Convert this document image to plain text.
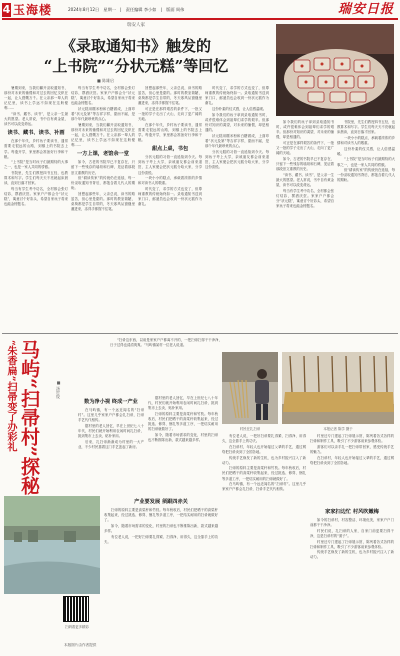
4 玉海楼	2024年8月12日　星期一　|　责任编辑 李小如　|　版面 周伟	瑞安日报
瑞安人家
《录取通知书》触发的
“上书院”“分状元糕”等回忆
■ 陈雄启

暑期到来，当我们翻开录取通知书，那份对未来的憧憬和对过去的回忆交织在一起，让人感慨万千。在父亲那一辈人的记忆里，读书上学远不如现在这般便利……

“读书、藏书、读书”，是父亲一生最大的愿望。老人常说，书中自有黄金屋，读书可以改变命运。

读书、藏书、读书、补画

在那个年代，乡村孩子要读书，通常需要走很远的山路，到镇上的书院去上学。每逢开学，家里都会准备好行李和干粮。

“上书院”是当时孩子们最期待的大事之一，也是一家人共同的骄傲。

书院里，先生们教授四书五经，也教算术和写字。学生们每天天不亮就起床晨读，直到日落才回家。

每当有学生考中功名，全村都会张灯结彩，摆酒庆贺。家家户户都会分“状元糕”，寓意讨个好彩头，希望自家孩子将来也能金榜题名。

每当有学生考中功名，全村都会张灯结彩，摆酒庆贺。家家户户都会分“状元糕”，寓意讨个好彩头，希望自家孩子将来也能金榜题名。

状元糕用糯米粉和白糖做成，上面印着“状元及第”等吉祥字样，甜而不腻，是那个年代最珍贵的点心。

暑期到来，当我们翻开录取通知书，那份对未来的憧憬和对过去的回忆交织在一起，让人感慨万千。在父亲那一辈人的记忆里，读书上学远不如现在这般便利……

一方上课，老馆余一堂

如今，古老的书院早已不复存在，只留下一些残存的墙垣和石碑，见证着那段崇文重教的历史。

但“耕读传家”的传统仍在延续，每一份录取通知书背后，都饱含着几代人的期盼。

回想起那些年，父亲总说，读书的路虽苦，但心里是甜的。那时的教室简陋，桌椅都是学生自带的，冬天寒风从窗缝里灌进来，冻得手都握不住笔。

回想起那些年，父亲总说，读书的路虽苦，但心里是甜的。那时的教室简陋，桌椅都是学生自带的，冬天寒风从窗缝里灌进来，冻得手都握不住笔。

可正是在那样艰苦的条件下，一批又一批的学子走出了大山，走向了更广阔的天地。

在那个年代，乡村孩子要读书，通常需要走很远的山路，到镇上的书院去上学。每逢开学，家里都会准备好行李和干粮。

甜点上桌，书包

分状元糕的习俗一直延续到今天。每到孩子考上大学，亲戚朋友都会前来道贺，主人家便会把状元糕分给大家，分享这份喜悦。

一块小小的糕点，承载着浓浓的乡情和对读书人的敬重。

时代变了，求学的方式也变了，但尊师重教的传统始终如一。录取通知书送到家门口，邮递员也会收到一份状元糕作为谢礼。

时代变了，求学的方式也变了，但尊师重教的传统始终如一。录取通知书送到家门口，邮递员也会收到一份状元糕作为谢礼。

这份朴素的仪式感，让人倍感温暖。

如今我们的孩子拿到录取通知书时，或许很难体会到祖辈们求学的艰辛。但那份对知识的渴望，对未来的憧憬，却是相通的。

状元糕用糯米粉和白糖做成，上面印着“状元及第”等吉祥字样，甜而不腻，是那个年代最珍贵的点心。

分状元糕的习俗一直延续到今天。每到孩子考上大学，亲戚朋友都会前来道贺，主人家便会把状元糕分给大家，分享这份喜悦。

如今我们的孩子拿到录取通知书时，或许很难体会到祖辈们求学的艰辛。但那份对知识的渴望，对未来的憧憬，却是相通的。

可正是在那样艰苦的条件下，一批又一批的学子走出了大山，走向了更广阔的天地。

如今，古老的书院早已不复存在，只留下一些残存的墙垣和石碑，见证着那段崇文重教的历史。

“读书、藏书、读书”，是父亲一生最大的愿望。老人常说，书中自有黄金屋，读书可以改变命运。

每当有学生考中功名，全村都会张灯结彩，摆酒庆贺。家家户户都会分“状元糕”，寓意讨个好彩头，希望自家孩子将来也能金榜题名。

书院里，先生们教授四书五经，也教算术和写字。学生们每天天不亮就起床晨读，直到日落才回家。

一块小小的糕点，承载着浓浓的乡情和对读书人的敬重。

这份朴素的仪式感，让人倍感温暖。

“上书院”是当时孩子们最期待的大事之一，也是一家人共同的骄傲。

但“耕读传家”的传统仍在延续，每一份录取通知书背后，都饱含着几代人的期盼。

马屿“扫帚村”探秘
“朱香扁”扫帚变了办彩礼	■ 汤世俊

“扫帚这东西，以前是家家户户都离不开的，一把扫帚扫得干干净净，日子过得也清清爽爽。”马屿镇某村一位老人说道。

数为净小视 终成一产业

在马屿镇，有一个远近闻名的“扫帚村”。这里几乎家家户户都会扎扫帚，扫帚手艺代代相传。

据村里的老人回忆，早在上世纪七八十年代，村民们就开始利用农闲时间扎扫帚，挑到集市上去卖，贴补家用。

后来，扎扫帚渐渐成为村里的一大产业，不少村民靠着这门手艺盖起了新房。

据村里的老人回忆，早在上世纪七八十年代，村民们就开始利用农闲时间扎扫帚，挑到集市上去卖，贴补家用。

扫帚的原料主要是高粱秆和竹枝。每年秋收后，村民们把晒干的高粱秆收集起来，经过挑选、修剪、捆扎等多道工序，一把结实耐用的扫帚就做好了。

如今，随着市场需求的变化，村里的扫帚也不断推陈出新，款式越来越多样。

村民在扎扫帚	本报记者 陈学 摄于

有位老人说，一把好扫帚要扎得紧、扫得净、用得久，这全靠手上的功夫。

在扫帚村，年轻人也开始接过父辈的手艺，通过网络把扫帚卖到了全国各地。

传统手艺焕发了新的生机，也为乡村振兴注入了新动力。

扫帚的原料主要是高粱秆和竹枝。每年秋收后，村民们把晒干的高粱秆收集起来，经过挑选、修剪、捆扎等多道工序，一把结实耐用的扫帚就做好了。

在马屿镇，有一个远近闻名的“扫帚村”。这里几乎家家户户都会扎扫帚，扫帚手艺代代相传。

村里还专门建起了扫帚展示馆，陈列着各式各样的扫帚和制作工具，吸引了不少游客前来参观体验。

游客们可以亲手扎一把扫帚带回家，感受传统手艺的魅力。

在扫帚村，年轻人也开始接过父辈的手艺，通过网络把扫帚卖到了全国各地。

家家扫边忙 村风吹嫩梅

如今的扫帚村，村容整洁、环境优美，家家户户门前都干干净净。

村民们说，扎扫帚的人家，自家门前更要扫得干净，这是扫帚村的“面子”。

村里还专门建起了扫帚展示馆，陈列着各式各样的扫帚和制作工具，吸引了不少游客前来参观体验。

传统手艺焕发了新的生机，也为乡村振兴注入了新动力。

产业要发展 须跟四赤关

扫帚的原料主要是高粱秆和竹枝。每年秋收后，村民们把晒干的高粱秆收集起来，经过挑选、修剪、捆扎等多道工序，一把结实耐用的扫帚就做好了。

如今，随着市场需求的变化，村里的扫帚也不断推陈出新，款式越来越多样。

有位老人说，一把好扫帚要扎得紧、扫得净、用得久，这全靠手上的功夫。

扫码看更多精彩
本版图片由作者提供
